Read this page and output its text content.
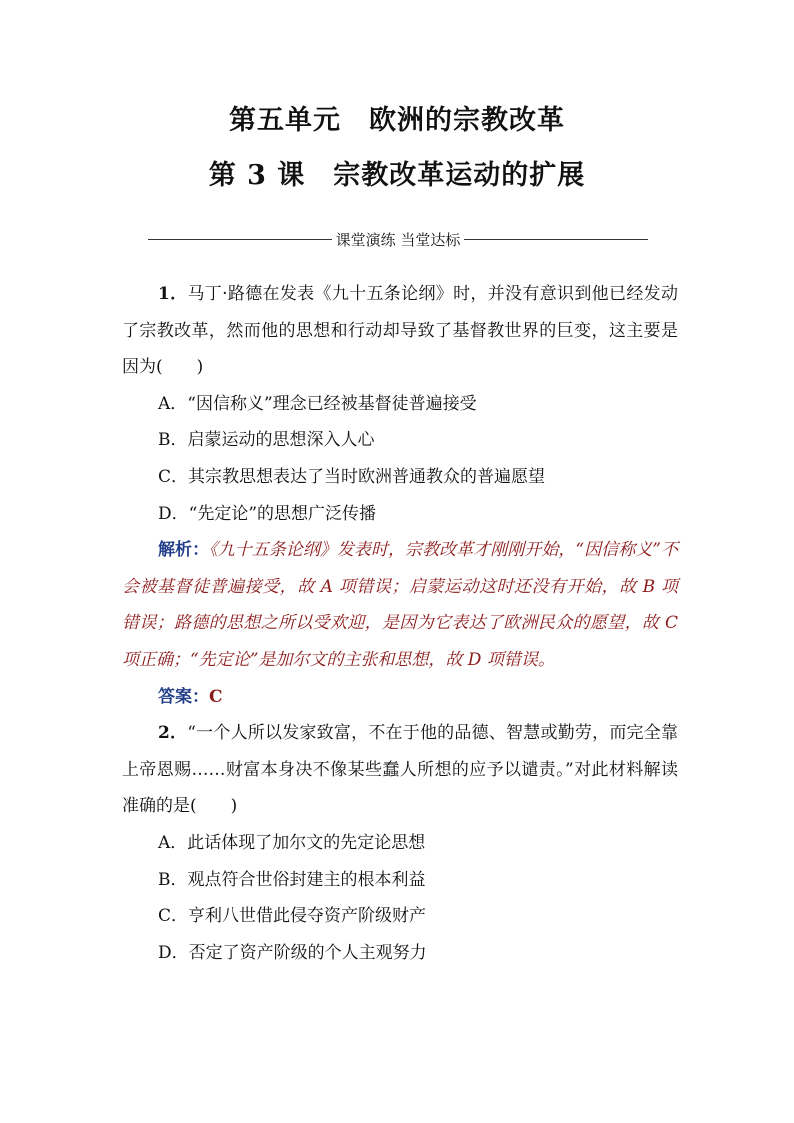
第五单元　欧洲的宗教改革
第 3 课　宗教改革运动的扩展
课堂演练 当堂达标

1．马丁·路德在发表《九十五条论纲》时，并没有意识到他已经发动了宗教改革，然而他的思想和行动却导致了基督教世界的巨变，这主要是因为(　　)

A．“因信称义”理念已经被基督徒普遍接受

B．启蒙运动的思想深入人心

C．其宗教思想表达了当时欧洲普通教众的普遍愿望

D．“先定论”的思想广泛传播

解析：《九十五条论纲》发表时，宗教改革才刚刚开始，“因信称义”不会被基督徒普遍接受，故 A 项错误；启蒙运动这时还没有开始，故 B 项错误；路德的思想之所以受欢迎，是因为它表达了欧洲民众的愿望，故 C 项正确；“先定论”是加尔文的主张和思想，故 D 项错误。

答案：C

2．“一个人所以发家致富，不在于他的品德、智慧或勤劳，而完全靠上帝恩赐……财富本身决不像某些蠢人所想的应予以谴责。”对此材料解读准确的是(　　)

A．此话体现了加尔文的先定论思想

B．观点符合世俗封建主的根本利益

C．亨利八世借此侵夺资产阶级财产

D．否定了资产阶级的个人主观努力
